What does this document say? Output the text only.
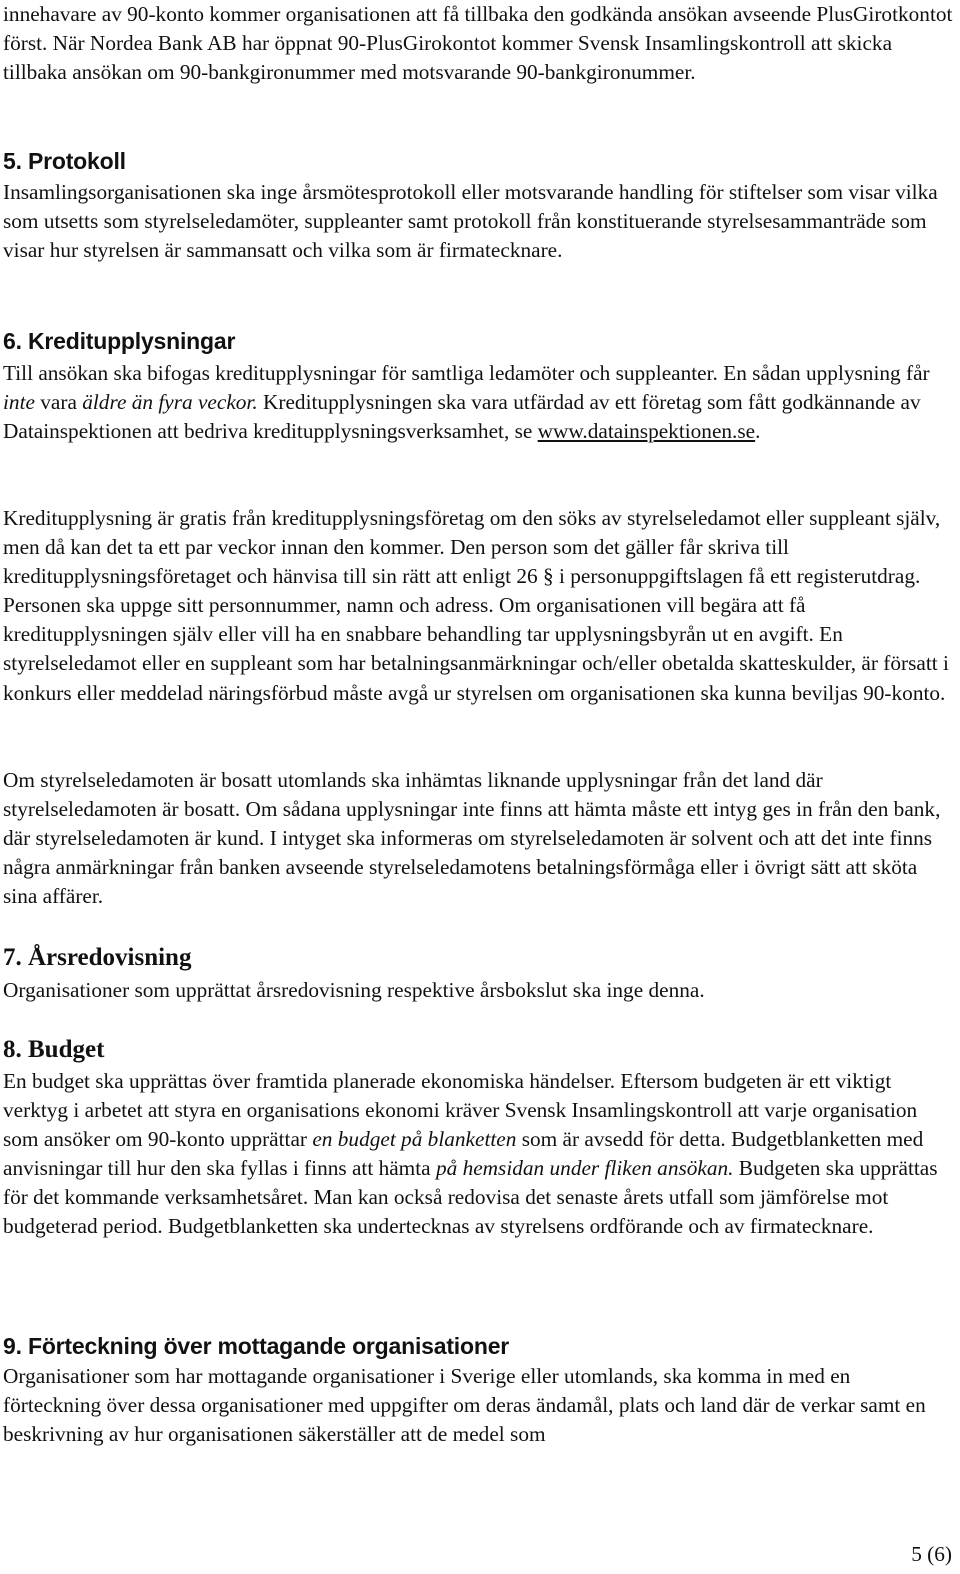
innehavare av 90-konto kommer organisationen att få tillbaka den godkända ansökan avseende PlusGirotkontot först. När Nordea Bank AB har öppnat 90-PlusGirokontot kommer Svensk Insamlingskontroll att skicka tillbaka ansökan om 90-bankgironummer med motsvarande 90-bankgironummer.

5. Protokoll

Insamlingsorganisationen ska inge årsmötesprotokoll eller motsvarande handling för stiftelser som visar vilka som utsetts som styrelseledamöter, suppleanter samt protokoll från konstituerande styrelsesammanträde som visar hur styrelsen är sammansatt och vilka som är firmatecknare.

6. Kreditupplysningar

Till ansökan ska bifogas kreditupplysningar för samtliga ledamöter och suppleanter. En sådan upplysning får inte vara äldre än fyra veckor. Kreditupplysningen ska vara utfärdad av ett företag som fått godkännande av Datainspektionen att bedriva kreditupplysningsverksamhet, se www.datainspektionen.se.

Kreditupplysning är gratis från kreditupplysningsföretag om den söks av styrelseledamot eller suppleant själv, men då kan det ta ett par veckor innan den kommer. Den person som det gäller får skriva till kreditupplysningsföretaget och hänvisa till sin rätt att enligt 26 § i personuppgiftslagen få ett registerutdrag. Personen ska uppge sitt personnummer, namn och adress. Om organisationen vill begära att få kreditupplysningen själv eller vill ha en snabbare behandling tar upplysningsbyrån ut en avgift. En styrelseledamot eller en suppleant som har betalningsanmärkningar och/eller obetalda skatteskulder, är försatt i konkurs eller meddelad näringsförbud måste avgå ur styrelsen om organisationen ska kunna beviljas 90-konto.

Om styrelseledamoten är bosatt utomlands ska inhämtas liknande upplysningar från det land där styrelseledamoten är bosatt. Om sådana upplysningar inte finns att hämta måste ett intyg ges in från den bank, där styrelseledamoten är kund. I intyget ska informeras om styrelseledamoten är solvent och att det inte finns några anmärkningar från banken avseende styrelseledamotens betalningsförmåga eller i övrigt sätt att sköta sina affärer.

7. Årsredovisning

Organisationer som upprättat årsredovisning respektive årsbokslut ska inge denna.

8. Budget

En budget ska upprättas över framtida planerade ekonomiska händelser. Eftersom budgeten är ett viktigt verktyg i arbetet att styra en organisations ekonomi kräver Svensk Insamlingskontroll att varje organisation som ansöker om 90-konto upprättar en budget på blanketten som är avsedd för detta. Budgetblanketten med anvisningar till hur den ska fyllas i finns att hämta på hemsidan under fliken ansökan. Budgeten ska upprättas för det kommande verksamhetsåret. Man kan också redovisa det senaste årets utfall som jämförelse mot budgeterad period. Budgetblanketten ska undertecknas av styrelsens ordförande och av firmatecknare.

9. Förteckning över mottagande organisationer

Organisationer som har mottagande organisationer i Sverige eller utomlands, ska komma in med en förteckning över dessa organisationer med uppgifter om deras ändamål, plats och land där de verkar samt en beskrivning av hur organisationen säkerställer att de medel som

5 (6)
